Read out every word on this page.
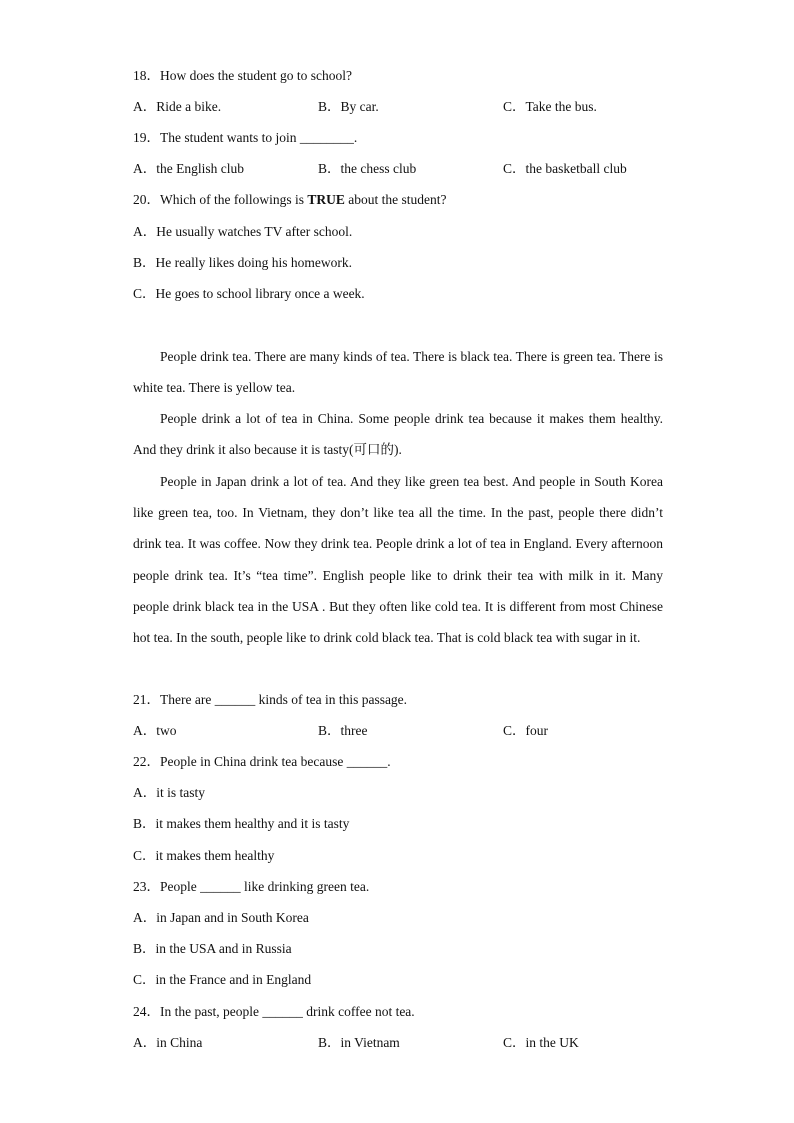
18．How does the student go to school?
A．Ride a bike.	B．By car.	C．Take the bus.
19．The student wants to join ________.
A．the English club	B．the chess club	C．the basketball club
20．Which of the followings is TRUE about the student?
A．He usually watches TV after school.
B．He really likes doing his homework.
C．He goes to school library once a week.
People drink tea. There are many kinds of tea. There is black tea. There is green tea. There is white tea. There is yellow tea.
People drink a lot of tea in China. Some people drink tea because it makes them healthy. And they drink it also because it is tasty(可口的).
People in Japan drink a lot of tea. And they like green tea best. And people in South Korea like green tea, too. In Vietnam, they don’t like tea all the time. In the past, people there didn’t drink tea. It was coffee. Now they drink tea. People drink a lot of tea in England. Every afternoon people drink tea. It’s “tea time”. English people like to drink their tea with milk in it. Many people drink black tea in the USA . But they often like cold tea. It is different from most Chinese hot tea. In the south, people like to drink cold black tea. That is cold black tea with sugar in it.
21．There are ______ kinds of tea in this passage.
A．two	B．three	C．four
22．People in China drink tea because ______.
A．it is tasty
B．it makes them healthy and it is tasty
C．it makes them healthy
23．People ______ like drinking green tea.
A．in Japan and in South Korea
B．in the USA and in Russia
C．in the France and in England
24．In the past, people ______ drink coffee not tea.
A．in China	B．in Vietnam	C．in the UK
